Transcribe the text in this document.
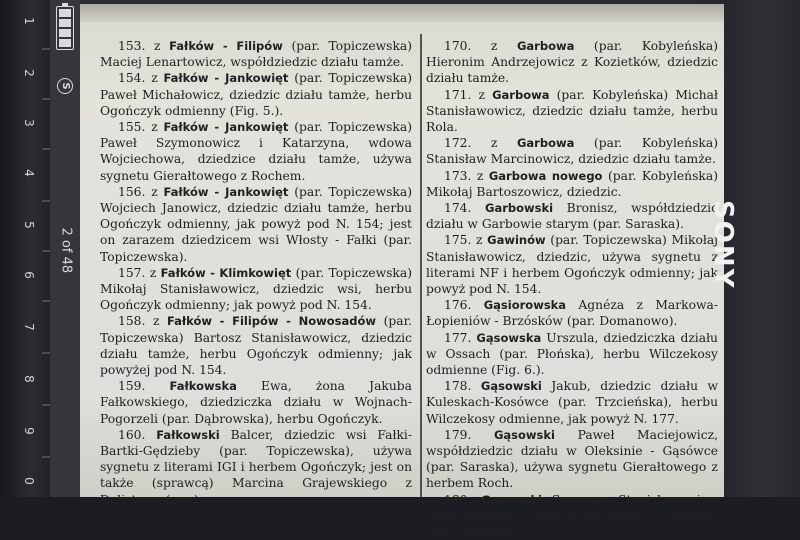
1
2
3
4
5
6
7
8
9
0
S
2 of 48

153. z Fałków - Filipów (par. Topiczewska) Maciej Lenartowicz, współdziedzic działu tamże.

154. z Fałków - Jankowięt (par. Topiczewska) Paweł Michałowicz, dziedzic działu tamże, herbu Ogończyk odmienny (Fig. 5.).

155. z Fałków - Jankowięt (par. Topiczewska) Paweł Szymonowicz i Katarzyna, wdowa Wojciechowa, dziedzice działu tamże, używa sygnetu Gierałtowego z Rochem.

156. z Fałków - Jankowięt (par. Topiczewska) Wojciech Janowicz, dziedzic działu tamże, herbu Ogończyk odmienny, jak powyż pod N. 154; jest on zarazem dziedzicem wsi Włosty - Fałki (par. Topiczewska).

157. z Fałków - Klimkowięt (par. Topiczewska) Mikołaj Stanisławowicz, dziedzic wsi, herbu Ogończyk odmienny; jak powyż pod N. 154.

158. z Fałków - Filipów - Nowosadów (par. Topiczewska) Bartosz Stanisławowicz, dziedzic działu tamże, herbu Ogończyk odmienny; jak powyżej pod N. 154.

159. Fałkowska Ewa, żona Jakuba Fałkowskiego, dziedziczka działu w Wojnach-Pogorzeli (par. Dąbrowska), herbu Ogończyk.

160. Fałkowski Balcer, dziedzic wsi Fałki-Bartki-Gędzieby (par. Topiczewska), używa sygnetu z literami IGI i herbem Ogończyk; jest on także (sprawcą) Marcina Grajewskiego z Dolistowa (par.)

170. z Garbowa (par. Kobyleńska) Hieronim Andrzejowicz z Kozietków, dziedzic działu tamże.

171. z Garbowa (par. Kobyleńska) Michał Stanisławowicz, dziedzic działu tamże, herbu Rola.

172. z Garbowa (par. Kobyleńska) Stanisław Marcinowicz, dziedzic działu tamże.

173. z Garbowa nowego (par. Kobyleńska) Mikołaj Bartoszowicz, dziedzic.

174. Garbowski Bronisz, współdziedzic działu w Garbowie starym (par. Saraska).

175. z Gawinów (par. Topiczewska) Mikołaj Stanisławowicz, dziedzic, używa sygnetu z literami NF i herbem Ogończyk odmienny; jak powyż pod N. 154.

176. Gąsiorowska Agnéza z Markowa-Łopieniów - Brzósków (par. Domanowo).

177. Gąsowska Urszula, dziedziczka działu w Ossach (par. Płońska), herbu Wilczekosy odmienne (Fig. 6.).

178. Gąsowski Jakub, dziedzic działu w Kuleskach-Kosówce (par. Trzcieńska), herbu Wilczekosy odmienne, jak powyż N. 177.

179. Gąsowski Paweł Maciejowicz, współdziedzic działu w Oleksinie - Gąsówce (par. Saraska), używa sygnetu Gierałtowego z herbem Roch.

180. Gąsowski Szczęsny Stanisławowicz, współdziedzic działu w Oleksinie - Gąsówce (par. Saraska).

SONY
